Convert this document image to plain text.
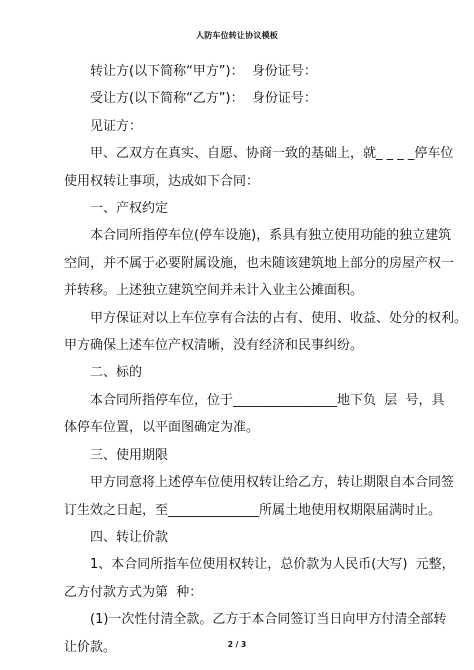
人防车位转让协议模板
转让方(以下简称“甲方”)：  身份证号：
受让方(以下简称“乙方”)：  身份证号：
见证方：
甲、乙双方在真实、自愿、协商一致的基础上，就_ _ _ _停车位
使用权转让事项，达成如下合同：
一、产权约定
本合同所指停车位(停车设施)，系具有独立使用功能的独立建筑
空间，并不属于必要附属设施，也未随该建筑地上部分的房屋产权一
并转移。上述独立建筑空间并未计入业主公摊面积。
甲方保证对以上车位享有合法的占有、使用、收益、处分的权利。
甲方确保上述车位产权清晰，没有经济和民事纠纷。
二、标的
本合同所指停车位，位于________________地下负  层  号，具
体停车位置，以平面图确定为准。
三、使用期限
甲方同意将上述停车位使用权转让给乙方，转让期限自本合同签
订生效之日起，至______________所属土地使用权期限届满时止。
四、转让价款
1、本合同所指车位使用权转让，总价款为人民币(大写)  元整，
乙方付款方式为第  种：
(1)一次性付清全款。乙方于本合同签订当日向甲方付清全部转
让价款。	2 / 3
